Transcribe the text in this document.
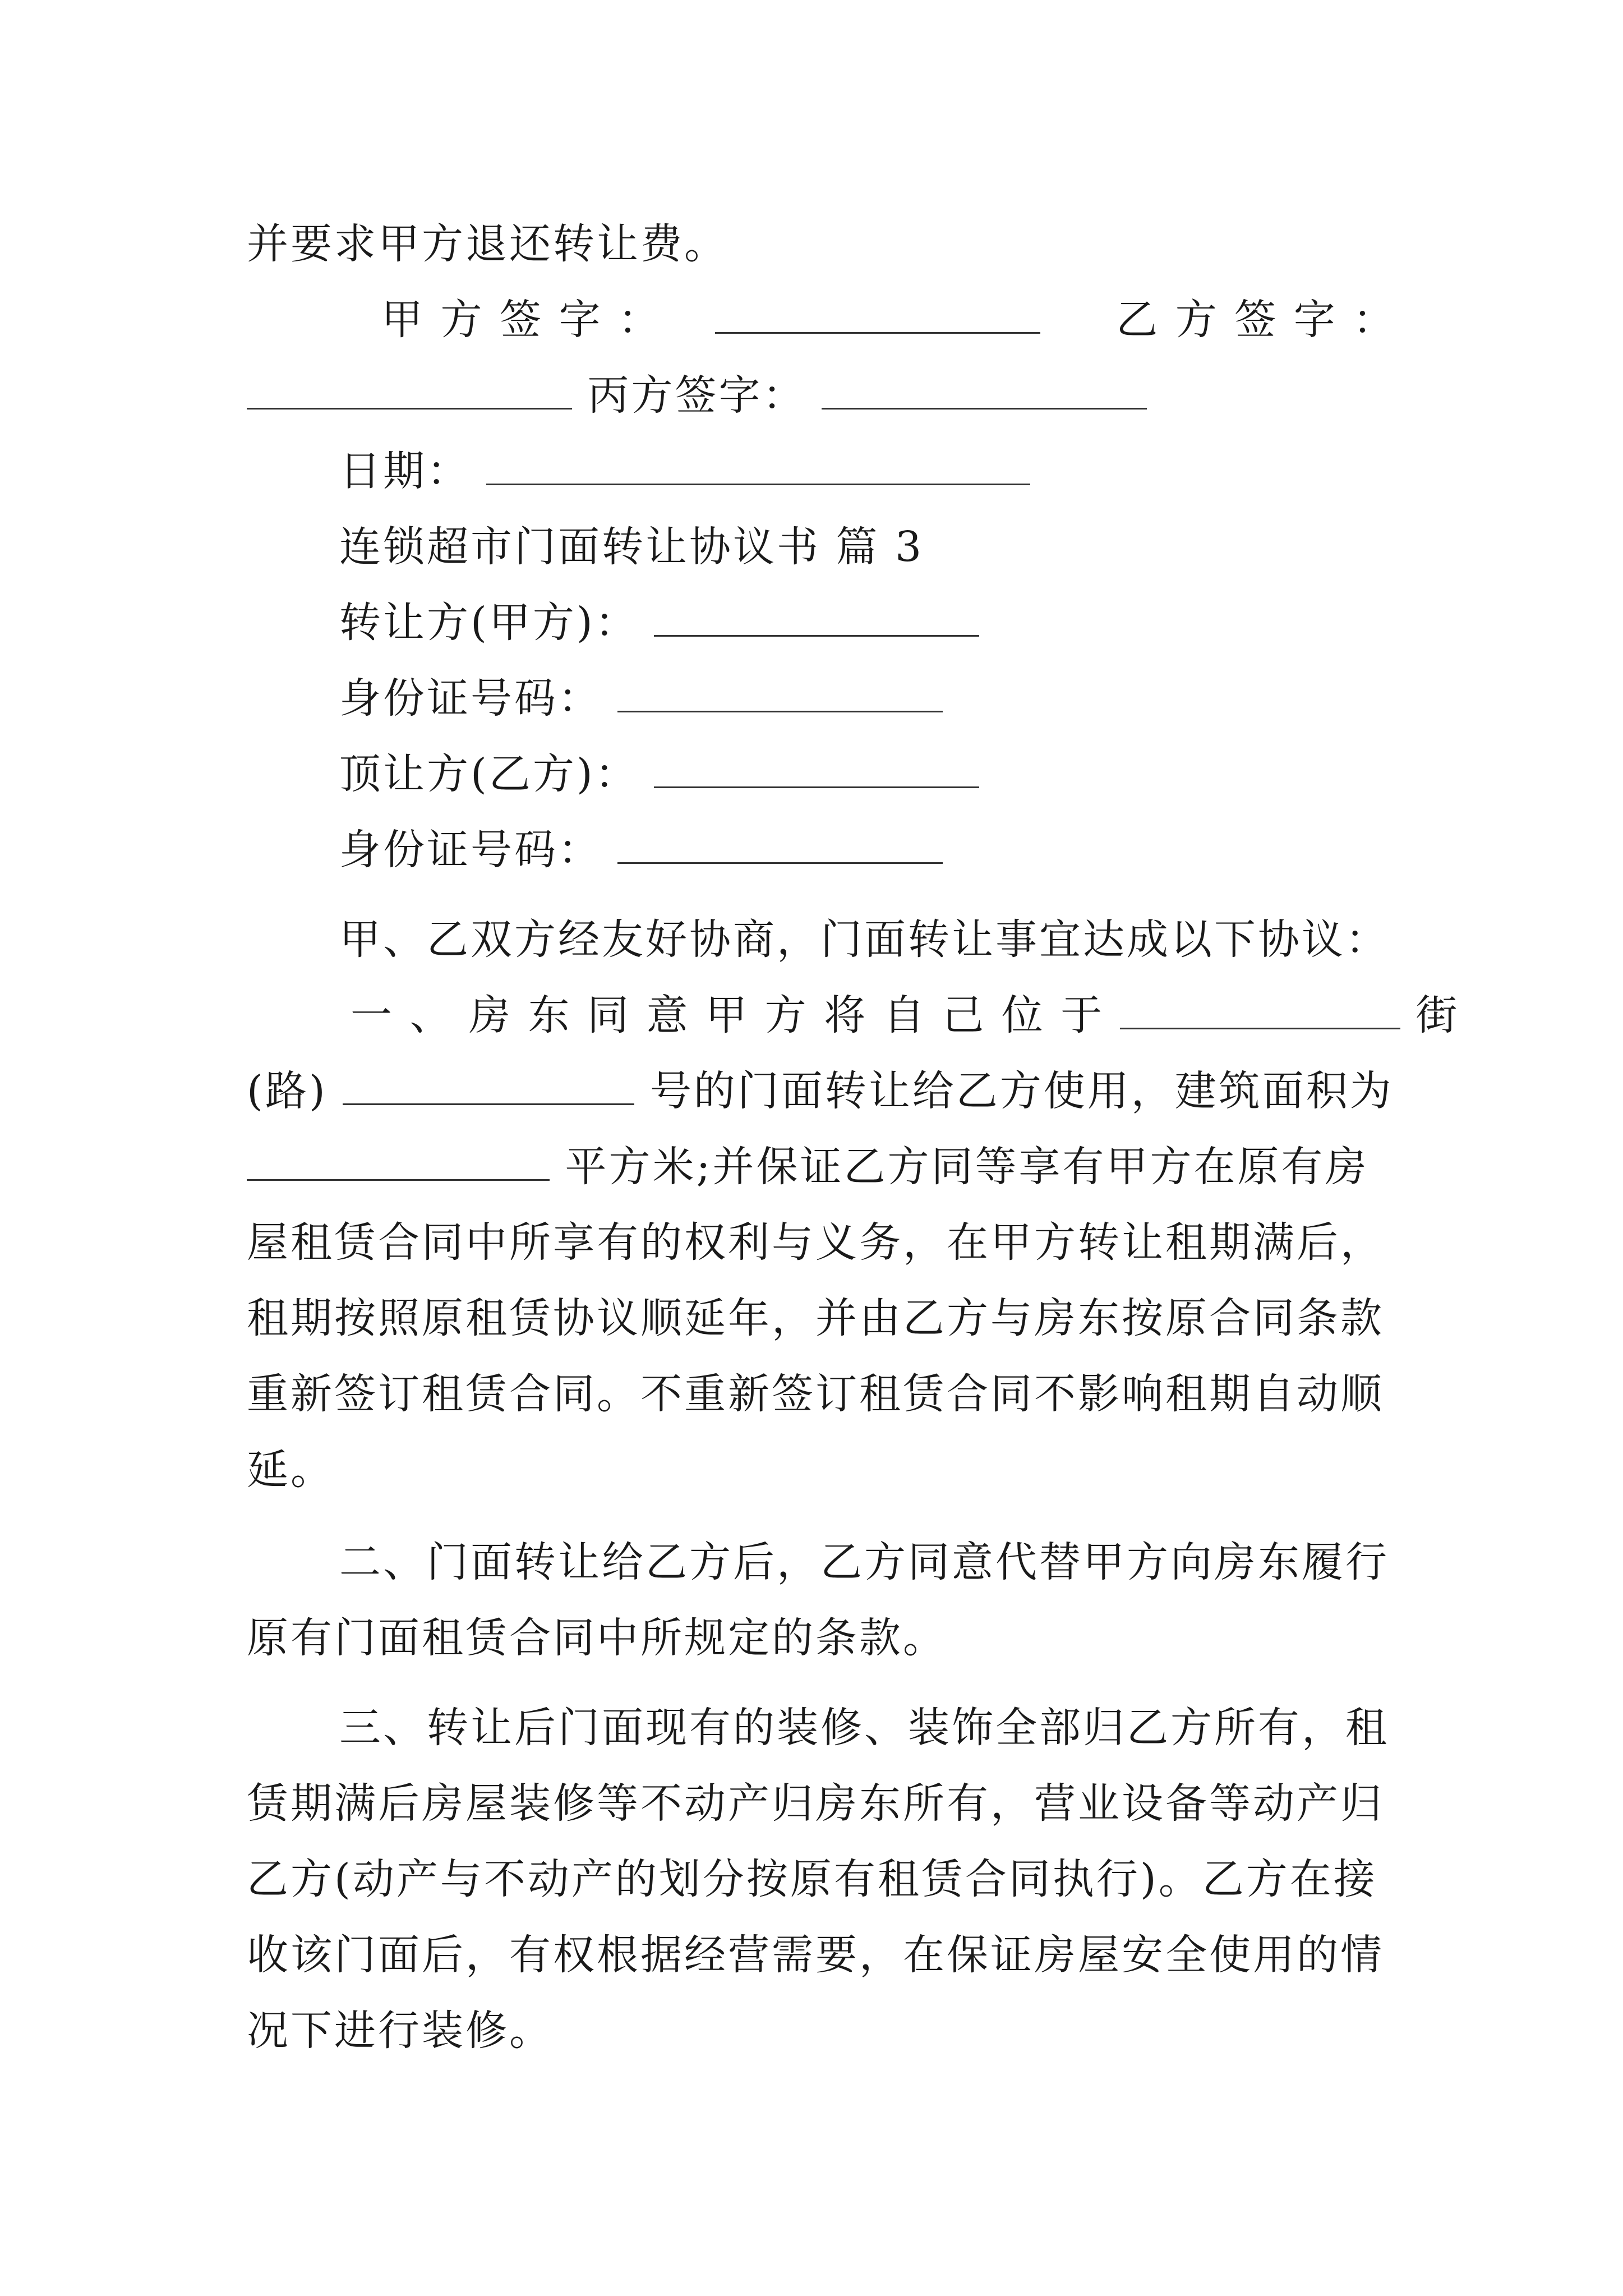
并要求甲方退还转让费。
甲 方 签 字 ：	乙 方 签 字 ：
丙方签字：
日期：
连锁超市门面转让协议书 篇 3
转让方(甲方)：
身份证号码：
顶让方(乙方)：
身份证号码：
甲、乙双方经友好协商，门面转让事宜达成以下协议：
一 、 房 东 同 意 甲 方 将 自 己 位 于	街
(路)	号的门面转让给乙方使用，建筑面积为
平方米;并保证乙方同等享有甲方在原有房
屋租赁合同中所享有的权利与义务，在甲方转让租期满后，
租期按照原租赁协议顺延年，并由乙方与房东按原合同条款
重新签订租赁合同。不重新签订租赁合同不影响租期自动顺
延。
二、门面转让给乙方后，乙方同意代替甲方向房东履行
原有门面租赁合同中所规定的条款。
三、转让后门面现有的装修、装饰全部归乙方所有，租
赁期满后房屋装修等不动产归房东所有，营业设备等动产归
乙方(动产与不动产的划分按原有租赁合同执行)。乙方在接
收该门面后，有权根据经营需要，在保证房屋安全使用的情
况下进行装修。
